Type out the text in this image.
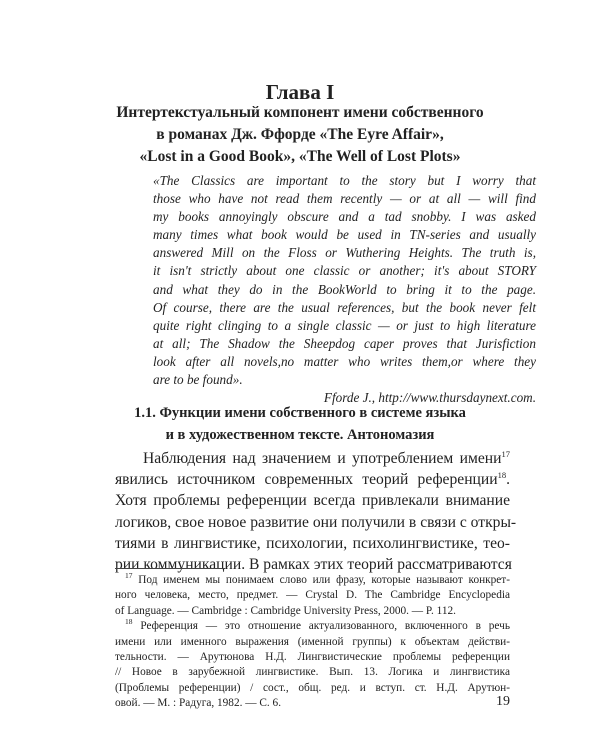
Глава I
Интертекстуальный компонент имени собственного
в романах Дж. Ффорде «The Eyre Affair»,
«Lost in a Good Book», «The Well of Lost Plots»
«The Classics are important to the story but I worry that
those who have not read them recently — or at all — will find
my books annoyingly obscure and a tad snobby. I was asked
many times what book would be used in TN-series and usually
answered Mill on the Floss or Wuthering Heights. The truth is,
it isn't strictly about one classic or another; it's about STORY
and what they do in the BookWorld to bring it to the page.
Of course, there are the usual references, but the book never felt
quite right clinging to a single classic — or just to high literature
at all; The Shadow the Sheepdog caper proves that Jurisfiction
look after all novels,no matter who writes them,or where they
are to be found».
Fforde J., http://www.thursdaynext.com.
1.1. Функции имени собственного в системе языка
и в художественном тексте. Антономазия
Наблюдения над значением и употреблением имени$^{17}$
явились источником современных теорий референции$^{18}$.
Хотя проблемы референции всегда привлекали внимание
логиков, свое новое развитие они получили в связи с откры-
тиями в лингвистике, психологии, психолингвистике, тео-
рии коммуникации. В рамках этих теорий рассматриваются
$^{17}$ Под именем мы понимаем слово или фразу, которые называют конкрет-
ного человека, место, предмет. — Crystal D. The Cambridge Encyclopedia
of Language. — Cambridge : Cambridge University Press, 2000. — P. 112.
$^{18}$ Референция — это отношение актуализованного, включенного в речь
имени или именного выражения (именной группы) к объектам действи-
тельности. — Арутюнова Н.Д. Лингвистические проблемы референции
// Новое в зарубежной лингвистике. Вып. 13. Логика и лингвистика
(Проблемы референции) / сост., общ. ред. и вступ. ст. Н.Д. Арутюн-
овой. — М. : Радуга, 1982. — С. 6.	19
